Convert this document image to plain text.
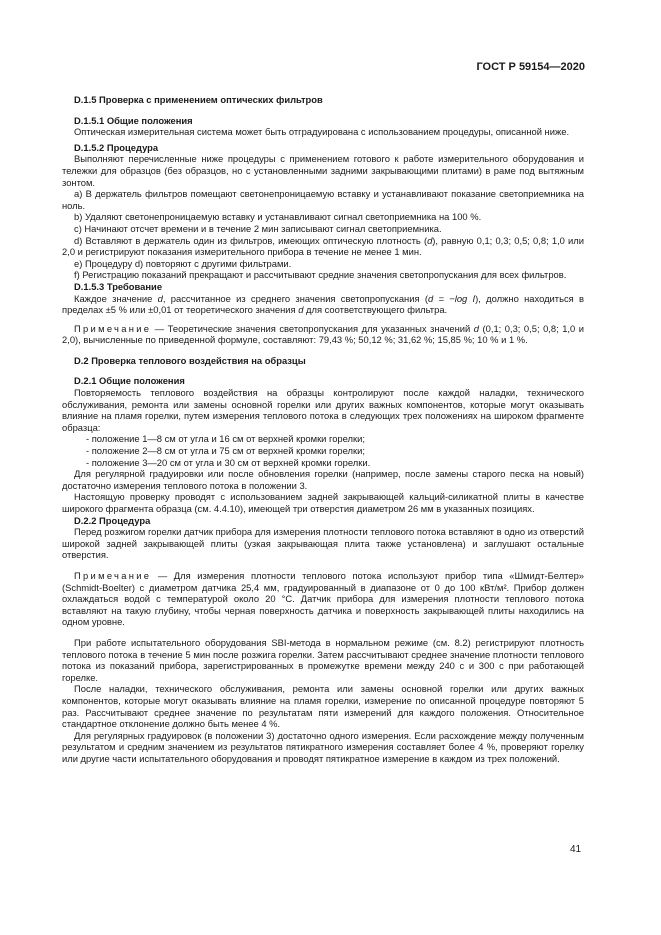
ГОСТ Р 59154—2020

D.1.5 Проверка с применением оптических фильтров

D.1.5.1 Общие положения

Оптическая измерительная система может быть отградуирована с использованием процедуры, описанной ниже.

D.1.5.2 Процедура

Выполняют перечисленные ниже процедуры с применением готового к работе измерительного оборудования и тележки для образцов (без образцов, но с установленными задними закрывающими плитами) в раме под вытяжным зонтом.

а) В держатель фильтров помещают светонепроницаемую вставку и устанавливают показание светоприемника на ноль.

b) Удаляют светонепроницаемую вставку и устанавливают сигнал светоприемника на 100 %.

c) Начинают отсчет времени и в течение 2 мин записывают сигнал светоприемника.

d) Вставляют в держатель один из фильтров, имеющих оптическую плотность (d), равную 0,1; 0,3; 0,5; 0,8; 1,0 или 2,0 и регистрируют показания измерительного прибора в течение не менее 1 мин.

e) Процедуру d) повторяют с другими фильтрами.

f) Регистрацию показаний прекращают и рассчитывают средние значения светопропускания для всех фильтров.

D.1.5.3 Требование

Каждое значение d, рассчитанное из среднего значения светопропускания (d = −log I), должно находиться в пределах ±5 % или ±0,01 от теоретического значения d для соответствующего фильтра.

Примечание — Теоретические значения светопропускания для указанных значений d (0,1; 0,3; 0,5; 0,8; 1,0 и 2,0), вычисленные по приведенной формуле, составляют: 79,43 %; 50,12 %; 31,62 %; 15,85 %; 10 % и 1 %.

D.2 Проверка теплового воздействия на образцы

D.2.1 Общие положения

Повторяемость теплового воздействия на образцы контролируют после каждой наладки, технического обслуживания, ремонта или замены основной горелки или других важных компонентов, которые могут оказывать влияние на пламя горелки, путем измерения теплового потока в следующих трех положениях на широком фрагменте образца:

- положение 1—8 см от угла и 16 см от верхней кромки горелки;

- положение 2—8 см от угла и 75 см от верхней кромки горелки;

- положение 3—20 см от угла и 30 см от верхней кромки горелки.

Для регулярной градуировки или после обновления горелки (например, после замены старого песка на новый) достаточно измерения теплового потока в положении 3.

Настоящую проверку проводят с использованием задней закрывающей кальций-силикатной плиты в качестве широкого фрагмента образца (см. 4.4.10), имеющей три отверстия диаметром 26 мм в указанных позициях.

D.2.2 Процедура

Перед розжигом горелки датчик прибора для измерения плотности теплового потока вставляют в одно из отверстий широкой задней закрывающей плиты (узкая закрывающая плита также установлена) и заглушают остальные отверстия.

Примечание — Для измерения плотности теплового потока используют прибор типа «Шмидт-Белтер» (Schmidt-Boelter) с диаметром датчика 25,4 мм, градуированный в диапазоне от 0 до 100 кВт/м². Прибор должен охлаждаться водой с температурой около 20 °С. Датчик прибора для измерения плотности теплового потока вставляют на такую глубину, чтобы черная поверхность датчика и поверхность закрывающей плиты находились на одном уровне.

При работе испытательного оборудования SBI-метода в нормальном режиме (см. 8.2) регистрируют плотность теплового потока в течение 5 мин после розжига горелки. Затем рассчитывают среднее значение плотности теплового потока из показаний прибора, зарегистрированных в промежутке времени между 240 с и 300 с при работающей горелке.

После наладки, технического обслуживания, ремонта или замены основной горелки или других важных компонентов, которые могут оказывать влияние на пламя горелки, измерение по описанной процедуре повторяют 5 раз. Рассчитывают среднее значение по результатам пяти измерений для каждого положения. Относительное стандартное отклонение должно быть менее 4 %.

Для регулярных градуировок (в положении 3) достаточно одного измерения. Если расхождение между полученным результатом и средним значением из результатов пятикратного измерения составляет более 4 %, проверяют горелку или другие части испытательного оборудования и проводят пятикратное измерение в каждом из трех положений.

41
